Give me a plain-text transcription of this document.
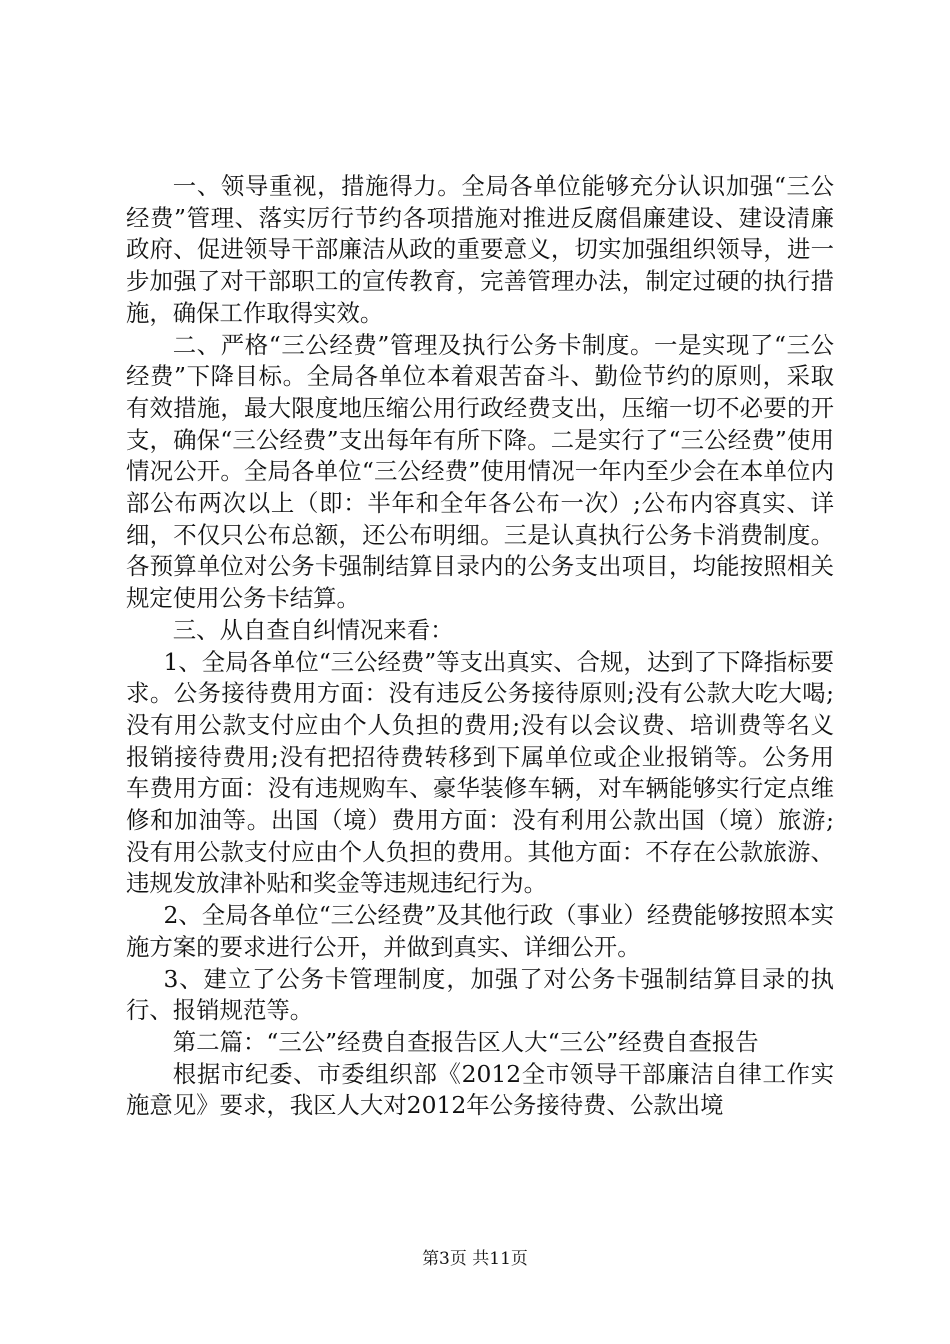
一、领导重视，措施得力。全局各单位能够充分认识加强“三公经费”管理、落实厉行节约各项措施对推进反腐倡廉建设、建设清廉政府、促进领导干部廉洁从政的重要意义，切实加强组织领导，进一步加强了对干部职工的宣传教育，完善管理办法，制定过硬的执行措施，确保工作取得实效。

二、严格“三公经费”管理及执行公务卡制度。一是实现了“三公经费”下降目标。全局各单位本着艰苦奋斗、勤俭节约的原则，采取有效措施，最大限度地压缩公用行政经费支出，压缩一切不必要的开支，确保“三公经费”支出每年有所下降。二是实行了“三公经费”使用情况公开。全局各单位“三公经费”使用情况一年内至少会在本单位内部公布两次以上（即：半年和全年各公布一次）;公布内容真实、详细，不仅只公布总额，还公布明细。三是认真执行公务卡消费制度。各预算单位对公务卡强制结算目录内的公务支出项目，均能按照相关规定使用公务卡结算。

三、从自查自纠情况来看：

1、全局各单位“三公经费”等支出真实、合规，达到了下降指标要求。公务接待费用方面：没有违反公务接待原则;没有公款大吃大喝;没有用公款支付应由个人负担的费用;没有以会议费、培训费等名义报销接待费用;没有把招待费转移到下属单位或企业报销等。公务用车费用方面：没有违规购车、豪华装修车辆，对车辆能够实行定点维修和加油等。出国（境）费用方面：没有利用公款出国（境）旅游;没有用公款支付应由个人负担的费用。其他方面：不存在公款旅游、违规发放津补贴和奖金等违规违纪行为。

2、全局各单位“三公经费”及其他行政（事业）经费能够按照本实施方案的要求进行公开，并做到真实、详细公开。

3、建立了公务卡管理制度，加强了对公务卡强制结算目录的执行、报销规范等。

第二篇：“三公”经费自查报告区人大“三公”经费自查报告

根据市纪委、市委组织部《2012全市领导干部廉洁自律工作实施意见》要求，我区人大对2012年公务接待费、公款出境

第3页 共11页
